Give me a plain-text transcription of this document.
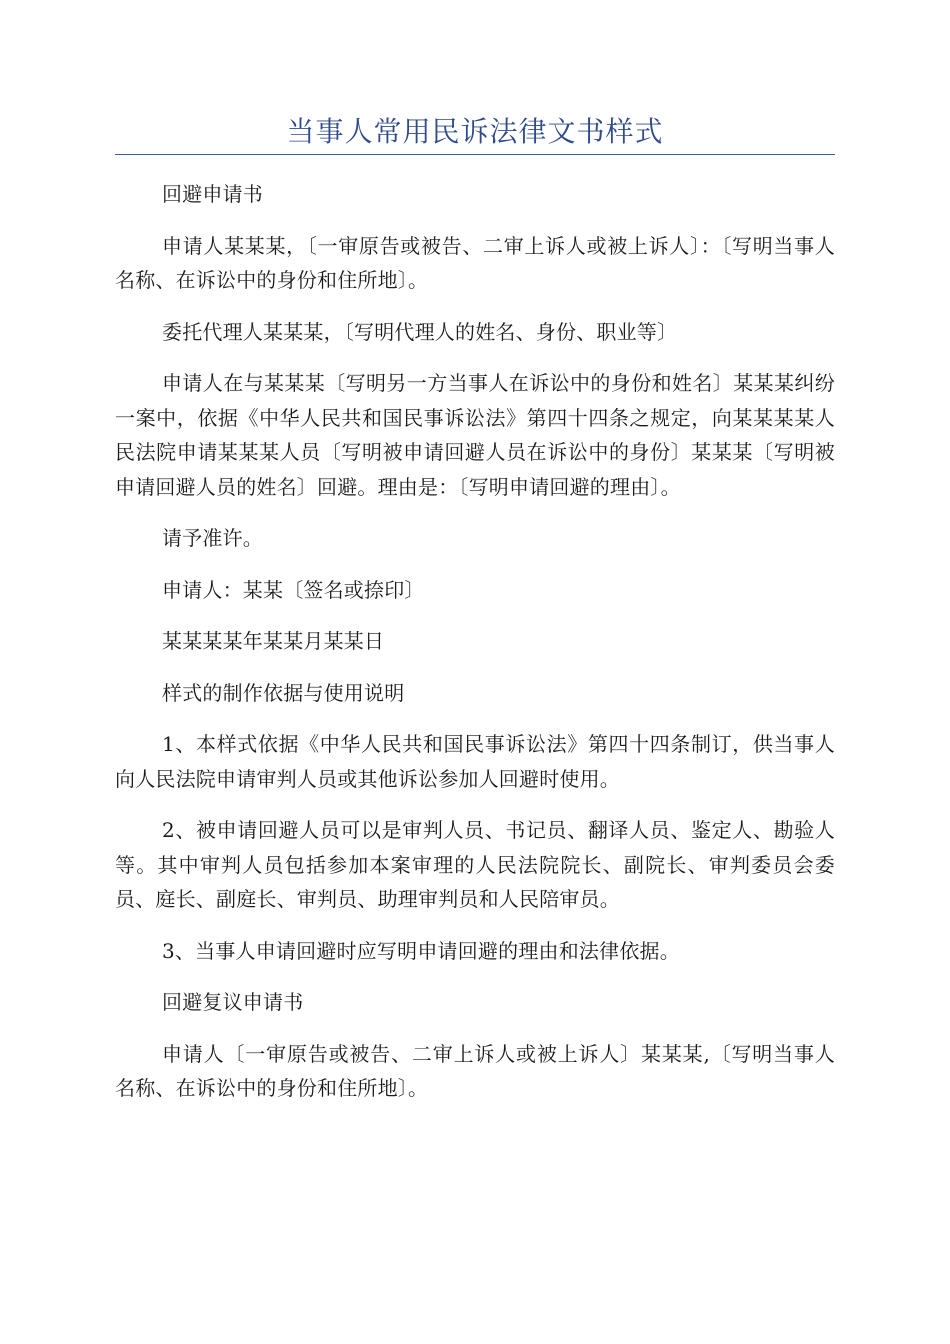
当事人常用民诉法律文书样式

回避申请书

申请人某某某，〔一审原告或被告、二审上诉人或被上诉人〕：〔写明当事人名称、在诉讼中的身份和住所地〕。

委托代理人某某某，〔写明代理人的姓名、身份、职业等〕

申请人在与某某某〔写明另一方当事人在诉讼中的身份和姓名〕某某某纠纷一案中，依据《中华人民共和国民事诉讼法》第四十四条之规定，向某某某某人民法院申请某某某人员〔写明被申请回避人员在诉讼中的身份〕某某某〔写明被申请回避人员的姓名〕回避。理由是：〔写明申请回避的理由〕。

请予准许。

申请人：某某〔签名或捺印〕

某某某某年某某月某某日

样式的制作依据与使用说明

1、本样式依据《中华人民共和国民事诉讼法》第四十四条制订，供当事人向人民法院申请审判人员或其他诉讼参加人回避时使用。

2、被申请回避人员可以是审判人员、书记员、翻译人员、鉴定人、勘验人等。其中审判人员包括参加本案审理的人民法院院长、副院长、审判委员会委员、庭长、副庭长、审判员、助理审判员和人民陪审员。

3、当事人申请回避时应写明申请回避的理由和法律依据。

回避复议申请书

申请人〔一审原告或被告、二审上诉人或被上诉人〕某某某,〔写明当事人名称、在诉讼中的身份和住所地〕。
